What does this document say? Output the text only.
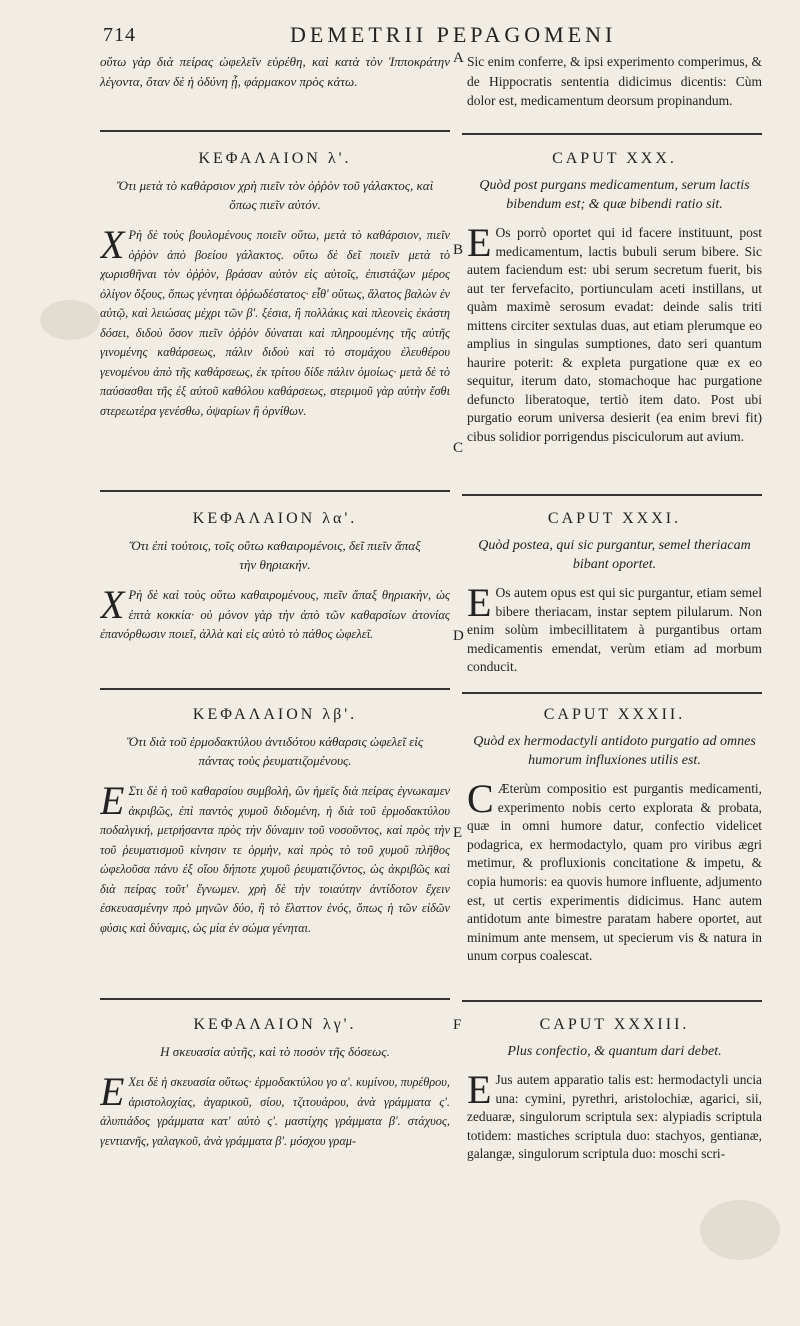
714	DEMETRII PEPAGOMENI
A
B
C
D
E
F

οὕτω γὰρ διὰ πείρας ὠφελεῖν εὑρέθη, καὶ κατὰ τὸν Ἱπποκράτην λέγοντα, ὅταν δὲ ἡ ὀδύνη ᾖ, φάρμακον πρὸς κάτω.

Sic enim conferre, & ipsi experimento comperimus, & de Hippocratis sententia didicimus dicentis: Cùm dolor est, medicamentum deorsum propinandum.

ΚΕΦΑΛΑΙΟΝ λ'.

Ὅτι μετὰ τὸ καθάρσιον χρὴ πιεῖν τὸν ὀῤῥὸν τοῦ γάλακτος, καὶ ὅπως πιεῖν αὐτόν.

Χ Ρὴ δὲ τοὺς βουλομένους ποιεῖν οὕτω, μετὰ τὸ καθάρσιον, πιεῖν ὀῤῥὸν ἀπὸ βοείου γάλακτος. οὕτω δὲ δεῖ ποιεῖν μετὰ τὸ χωρισθῆναι τὸν ὀῤῥὸν, βράσαν αὐτὸν εἰς αὐτοῖς, ἐπιστάζων μέρος ὀλίγον ὄξους, ὅπως γένηται ὀῤῥωδέστατος· εἶθ' οὕτως, ἅλατος βαλὼν ἐν αὐτῷ, καὶ λειώσας μέχρι τῶν β'. ξέσια, ἢ πολλάκις καὶ πλεονεὶς ἐκάστη δόσει, διδοὺ ὅσον πιεῖν ὀῤῥὸν δύναται καὶ πληρουμένης τῆς αὐτῆς γινομένης καθάρσεως, πάλιν διδοὺ καὶ τὸ στομάχου ἐλευθέρου γενομένου ἀπὸ τῆς καθάρσεως, ἐκ τρίτου δίδε πάλιν ὁμοίως· μετὰ δὲ τὸ παύσασθαι τῆς ἐξ αὐτοῦ καθόλου καθάρσεως, στεριμοῦ γὰρ αὐτὴν ἔσθι στερεωτέρα γενέσθω, ὀψαρίων ἢ ὀρνίθων.

CAPUT XXX.

Quòd post purgans medicamentum, serum lactis bibendum est; & quæ bibendi ratio sit.

E Os porrò oportet qui id facere instituunt, post medicamentum, lactis bubuli serum bibere. Sic autem faciendum est: ubi serum secretum fuerit, bis aut ter fervefacito, portiunculam aceti instillans, ut quàm maximè serosum evadat: deinde salis triti mittens circiter sextulas duas, aut etiam plerumque eo amplius in singulas sumptiones, dato seri quantum haurire poterit: & expleta purgatione quæ ex eo sequitur, iterum dato, stomachoque hac purgatione defuncto liberatoque, tertiò item dato. Post ubi purgatio eorum universa desierit (ea enim brevi fit) cibus solidior porrigendus pisciculorum aut avium.

ΚΕΦΑΛΑΙΟΝ λα'.

Ὅτι ἐπὶ τούτοις, τοῖς οὕτω καθαιρομένοις, δεῖ πιεῖν ἅπαξ τὴν θηριακήν.

Χ Ρὴ δὲ καὶ τοὺς οὕτω καθαιρομένους, πιεῖν ἅπαξ θηριακὴν, ὡς ἑπτὰ κοκκία· οὐ μόνον γὰρ τὴν ἀπὸ τῶν καθαρσίων ἀτονίας ἐπανόρθωσιν ποιεῖ, ἀλλὰ καὶ εἰς αὐτὸ τὸ πάθος ὠφελεῖ.

CAPUT XXXI.

Quòd postea, qui sic purgantur, semel theriacam bibant oportet.

E Os autem opus est qui sic purgantur, etiam semel bibere theriacam, instar septem pilularum. Non enim solùm imbecillitatem à purgantibus ortam medicamentis emendat, verùm etiam ad morbum conducit.

ΚΕΦΑΛΑΙΟΝ λβ'.

Ὅτι διὰ τοῦ ἑρμοδακτύλου ἀντιδότου κάθαρσις ὠφελεῖ εἰς πάντας τοὺς ῥευματιζομένους.

Ε Στι δὲ ἡ τοῦ καθαρσίου συμβολὴ, ὣν ἡμεῖς διὰ πείρας ἐγνωκαμεν ἀκριβῶς, ἐπὶ παντὸς χυμοῦ διδομένη, ἡ διὰ τοῦ ἑρμοδακτύλου ποδαλγική, μετρήσαντα πρὸς τὴν δύναμιν τοῦ νοσοῦντος, καὶ πρὸς τὴν τοῦ ῥευματισμοῦ κίνησιν τε ὁρμὴν, καὶ πρὸς τὸ τοῦ χυμοῦ πλῆθος ὠφελοῦσα πάνυ ἐξ οἵου δήποτε χυμοῦ ῥευματιζόντος, ὡς ἀκριβῶς καὶ διὰ πείρας τοῦτ' ἔγνωμεν. χρὴ δὲ τὴν τοιαύτην ἀντίδοτον ἔχειν ἐσκευασμένην πρὸ μηνῶν δύο, ἢ τὸ ἔλαττον ἑνός, ὅπως ἡ τῶν εἰδῶν φύσις καὶ δύναμις, ὡς μία ἐν σώμα γένηται.

CAPUT XXXII.

Quòd ex hermodactyli antidoto purgatio ad omnes humorum influxiones utilis est.

C Æterùm compositio est purgantis medicamenti, experimento nobis certo explorata & probata, quæ in omni humore datur, confectio videlicet podagrica, ex hermodactylo, quam pro viribus ægri metimur, & profluxionis concitatione & impetu, & copia humoris: ea quovis humore influente, adjumento est, ut certis experimentis didicimus. Hanc autem antidotum ante bimestre paratam habere oportet, aut minimum ante mensem, ut specierum vis & natura in unum corpus coalescat.

ΚΕΦΑΛΑΙΟΝ λγ'.

Η σκευασία αὐτῆς, καὶ τὸ ποσὸν τῆς δόσεως.

Ε Χει δὲ ἡ σκευασία οὕτως· ἑρμοδακτύλου γο α'. κυμίνου, πυρέθρου, ἀριστολοχίας, ἀγαρικοῦ, σίου, τζιτουάρου, ἀνὰ γράμματα ς'. ἀλυπιάδος γράμματα κατ' αὐτὸ ς'. μαστίχης γράμματα β'. στάχυος, γεντιανῆς, γαλαγκοῦ, ἀνὰ γράμματα β'. μόσχου γραμ-

CAPUT XXXIII.

Plus confectio, & quantum dari debet.

E Jus autem apparatio talis est: hermodactyli uncia una: cymini, pyrethri, aristolochiæ, agarici, sii, zeduaræ, singulorum scriptula sex: alypiadis scriptula totidem: mastiches scriptula duo: stachyos, gentianæ, galangæ, singulorum scriptula duo: moschi scri-
